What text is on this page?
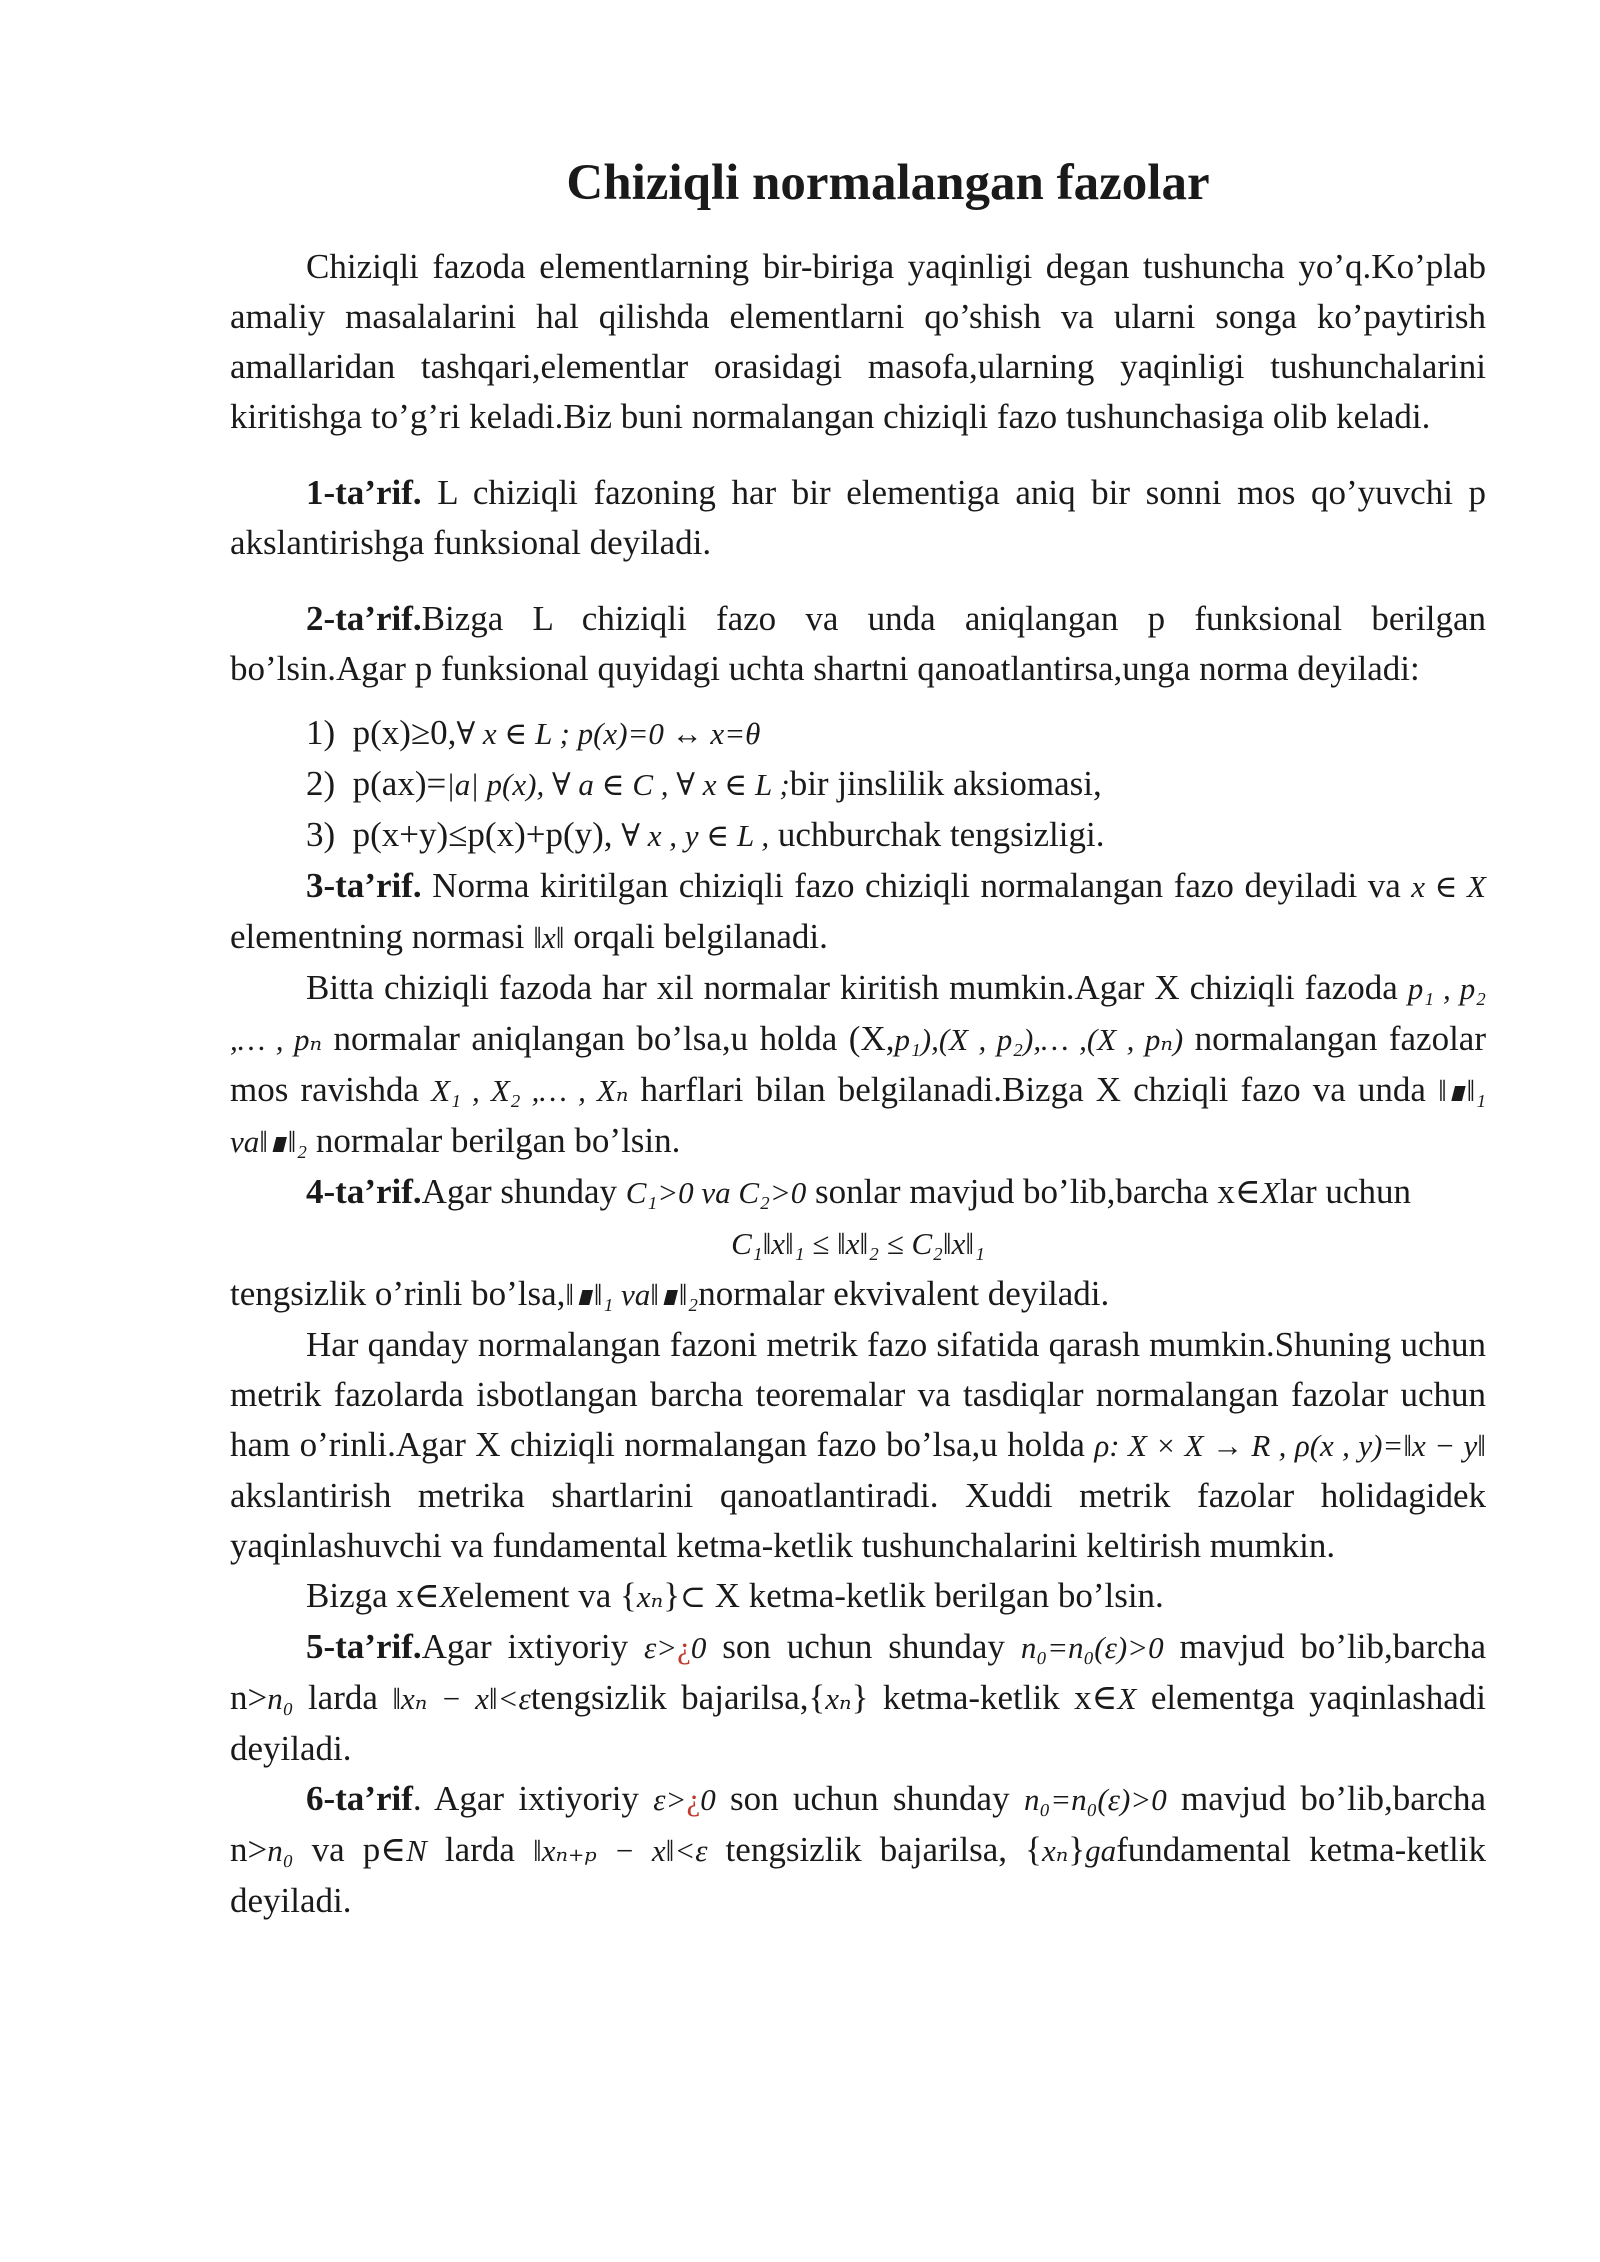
Chiziqli normalangan fazolar

Chiziqli fazoda elementlarning bir-biriga yaqinligi degan tushuncha yo’q.Ko’plab amaliy masalalarini hal qilishda elementlarni qo’shish va ularni songa ko’paytirish amallaridan tashqari,elementlar orasidagi masofa,ularning yaqinligi tushunchalarini kiritishga to’g’ri keladi.Biz buni normalangan chiziqli fazo tushunchasiga olib keladi.

1-ta’rif. L chiziqli fazoning har bir elementiga aniq bir sonni mos qo’yuvchi p akslantirishga funksional deyiladi.

2-ta’rif.Bizga L chiziqli fazo va unda aniqlangan p funksional berilgan bo’lsin.Agar p funksional quyidagi uchta shartni qanoatlantirsa,unga norma deyiladi:

1) p(x)≥0,∀ x ∈ L ; p(x)=0 ↔ x=θ
2) p(ax)=|a| p(x), ∀ a ∈ C , ∀ x ∈ L ;bir jinslilik aksiomasi,
3) p(x+y)≤p(x)+p(y), ∀ x , y ∈ L , uchburchak tengsizligi.

3-ta’rif. Norma kiritilgan chiziqli fazo chiziqli normalangan fazo deyiladi va x ∈ X elementning normasi ‖x‖ orqali belgilanadi.

Bitta chiziqli fazoda har xil normalar kiritish mumkin.Agar X chiziqli fazoda p₁ , p₂ ,… , pₙ normalar aniqlangan bo’lsa,u holda (X,p₁),(X , p₂),… ,(X , pₙ) normalangan fazolar mos ravishda X₁ , X₂ ,… , Xₙ harflari bilan belgilanadi.Bizga X chziqli fazo va unda ‖∎‖₁ va‖∎‖₂ normalar berilgan bo’lsin.

4-ta’rif.Agar shunday C₁>0 va C₂>0 sonlar mavjud bo’lib,barcha x∈Xlar uchun

C₁‖x‖₁ ≤ ‖x‖₂ ≤ C₂‖x‖₁

tengsizlik o’rinli bo’lsa,‖∎‖₁ va‖∎‖₂normalar ekvivalent deyiladi.

Har qanday normalangan fazoni metrik fazo sifatida qarash mumkin.Shuning uchun metrik fazolarda isbotlangan barcha teoremalar va tasdiqlar normalangan fazolar uchun ham o’rinli.Agar X chiziqli normalangan fazo bo’lsa,u holda ρ: X × X → R , ρ(x , y)=‖x − y‖ akslantirish metrika shartlarini qanoatlantiradi. Xuddi metrik fazolar holidagidek yaqinlashuvchi va fundamental ketma-ketlik tushunchalarini keltirish mumkin.

Bizga x∈Xelement va {xₙ}⊂ X ketma-ketlik berilgan bo’lsin.

5-ta’rif.Agar ixtiyoriy ε>¿0 son uchun shunday n₀=n₀(ε)>0 mavjud bo’lib,barcha n>n₀ larda ‖xₙ − x‖<εtengsizlik bajarilsa,{xₙ} ketma-ketlik x∈X elementga yaqinlashadi deyiladi.

6-ta’rif. Agar ixtiyoriy ε>¿0 son uchun shunday n₀=n₀(ε)>0 mavjud bo’lib,barcha n>n₀ va p∈N larda ‖xₙ₊ₚ − x‖<ε tengsizlik bajarilsa, {xₙ}gafundamental ketma-ketlik deyiladi.
